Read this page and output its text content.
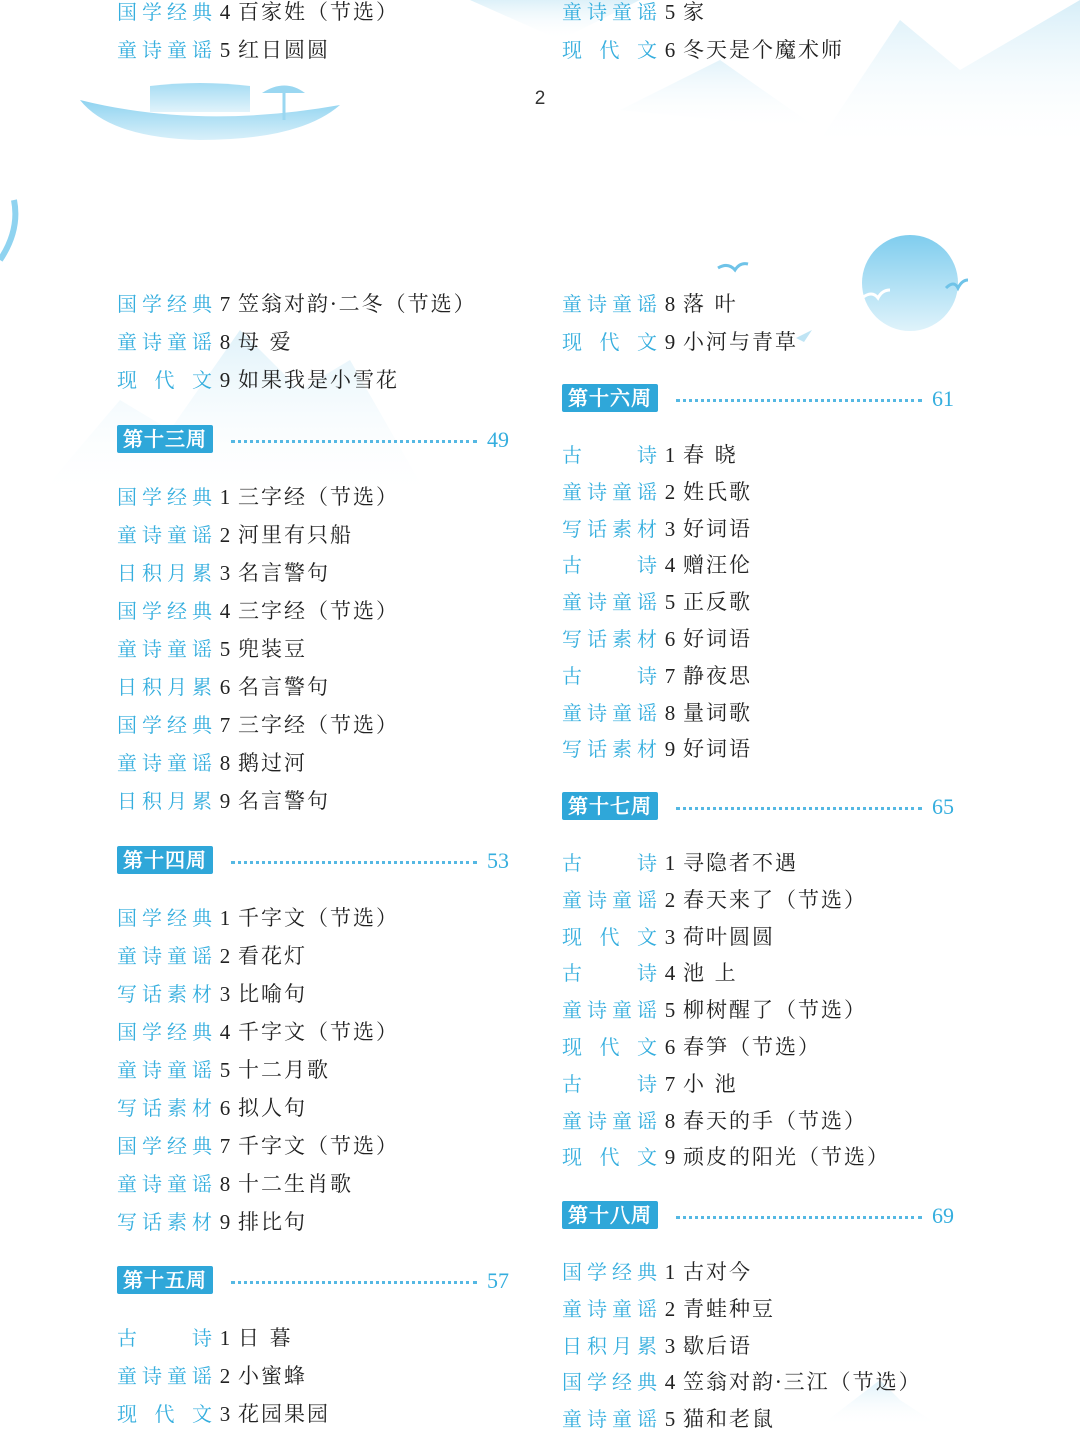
2
国学经典 4 百家姓（节选）
童诗童谣 5 红日圆圆
童诗童谣 5 家
现代文 6 冬天是个魔术师
国学经典 7 笠翁对韵·二冬（节选）
童诗童谣 8 母 爱
现代文 9 如果我是小雪花
第十三周	49
国学经典 1 三字经（节选）
童诗童谣 2 河里有只船
日积月累 3 名言警句
国学经典 4 三字经（节选）
童诗童谣 5 兜装豆
日积月累 6 名言警句
国学经典 7 三字经（节选）
童诗童谣 8 鹅过河
日积月累 9 名言警句
第十四周	53
国学经典 1 千字文（节选）
童诗童谣 2 看花灯
写话素材 3 比喻句
国学经典 4 千字文（节选）
童诗童谣 5 十二月歌
写话素材 6 拟人句
国学经典 7 千字文（节选）
童诗童谣 8 十二生肖歌
写话素材 9 排比句
第十五周	57
古 诗 1 日 暮
童诗童谣 2 小蜜蜂
现代文 3 花园果园
童诗童谣 8 落 叶
现代文 9 小河与青草
第十六周	61
古 诗 1 春 晓
童诗童谣 2 姓氏歌
写话素材 3 好词语
古 诗 4 赠汪伦
童诗童谣 5 正反歌
写话素材 6 好词语
古 诗 7 静夜思
童诗童谣 8 量词歌
写话素材 9 好词语
第十七周	65
古 诗 1 寻隐者不遇
童诗童谣 2 春天来了（节选）
现代文 3 荷叶圆圆
古 诗 4 池 上
童诗童谣 5 柳树醒了（节选）
现代文 6 春笋（节选）
古 诗 7 小 池
童诗童谣 8 春天的手（节选）
现代文 9 顽皮的阳光（节选）
第十八周	69
国学经典 1 古对今
童诗童谣 2 青蛙种豆
日积月累 3 歇后语
国学经典 4 笠翁对韵·三江（节选）
童诗童谣 5 猫和老鼠
